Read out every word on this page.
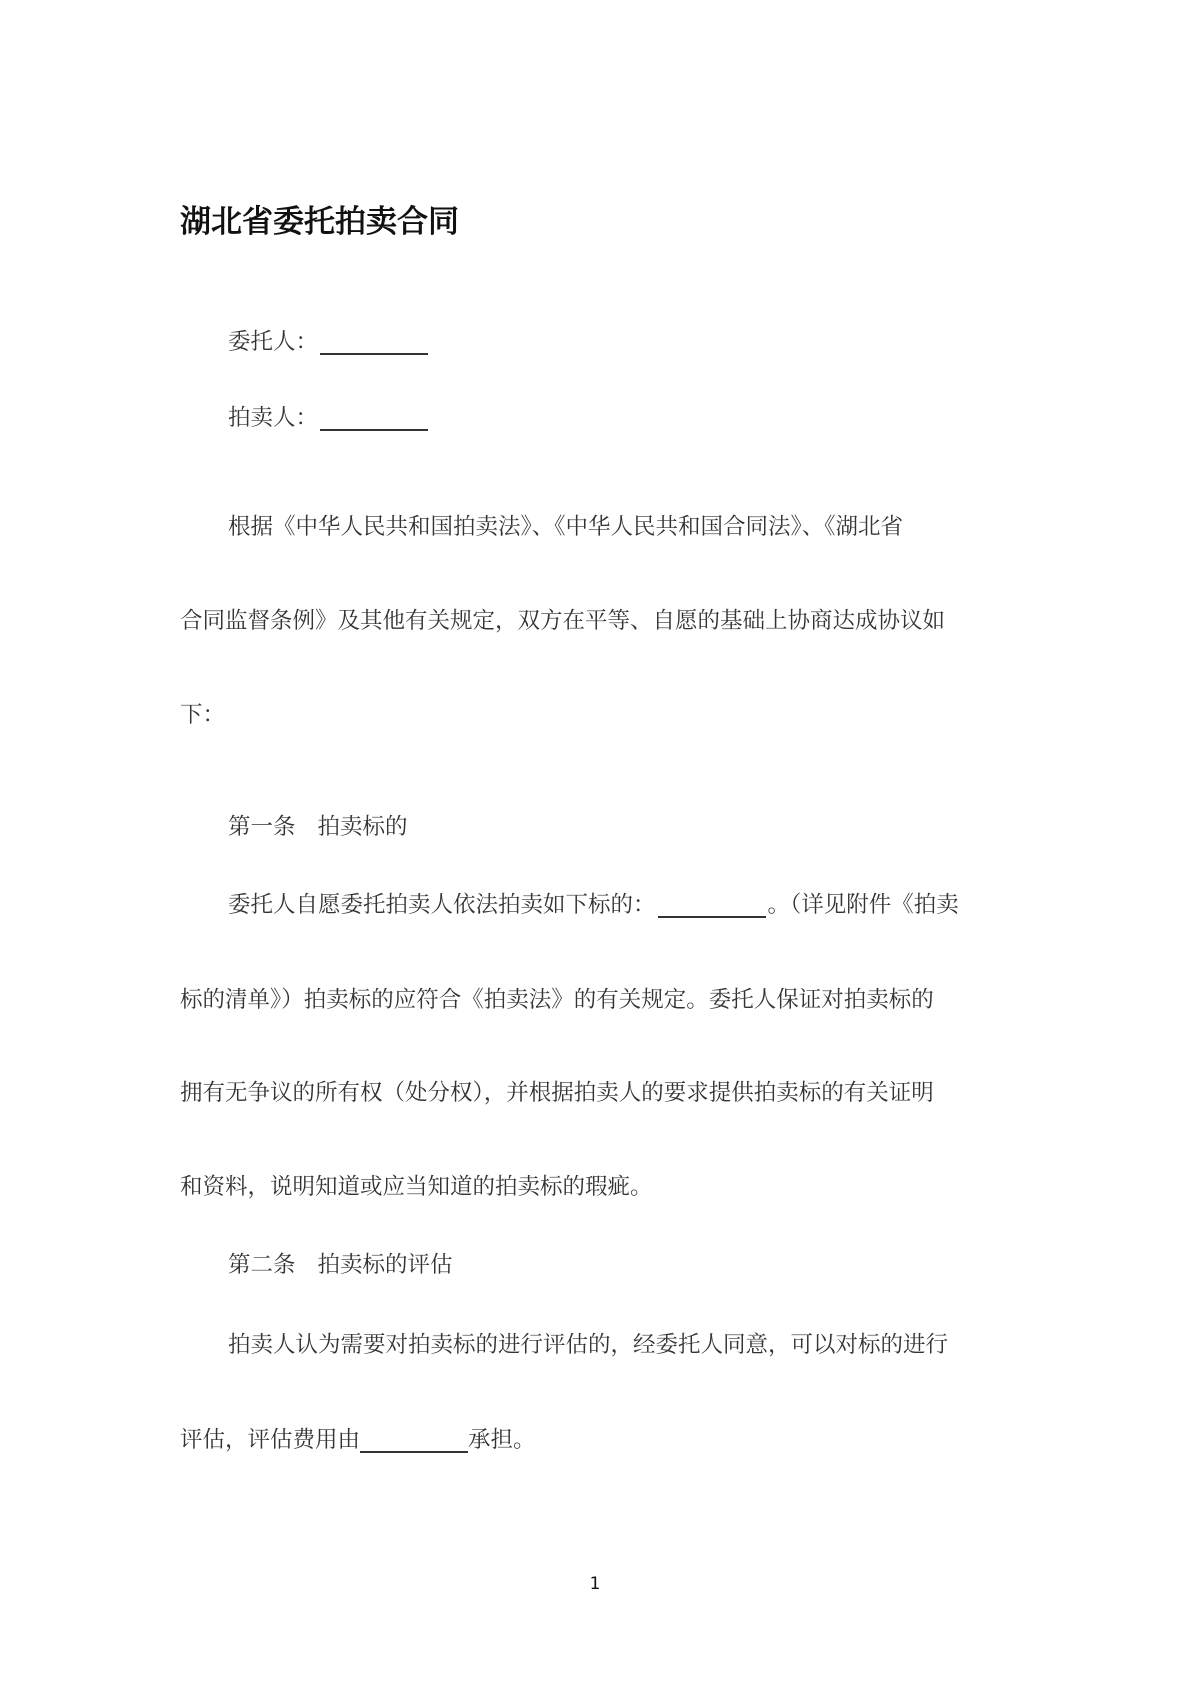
湖北省委托拍卖合同
委托人：
拍卖人：
根据《中华人民共和国拍卖法》、《中华人民共和国合同法》、《湖北省
合同监督条例》及其他有关规定，双方在平等、自愿的基础上协商达成协议如
下：
第一条 拍卖标的
委托人自愿委托拍卖人依法拍卖如下标的：	。（详见附件《拍卖
标的清单》）拍卖标的应符合《拍卖法》的有关规定。委托人保证对拍卖标的
拥有无争议的所有权（处分权），并根据拍卖人的要求提供拍卖标的有关证明
和资料，说明知道或应当知道的拍卖标的瑕疵。
第二条 拍卖标的评估
拍卖人认为需要对拍卖标的进行评估的，经委托人同意，可以对标的进行
评估，评估费用由	承担。
1
